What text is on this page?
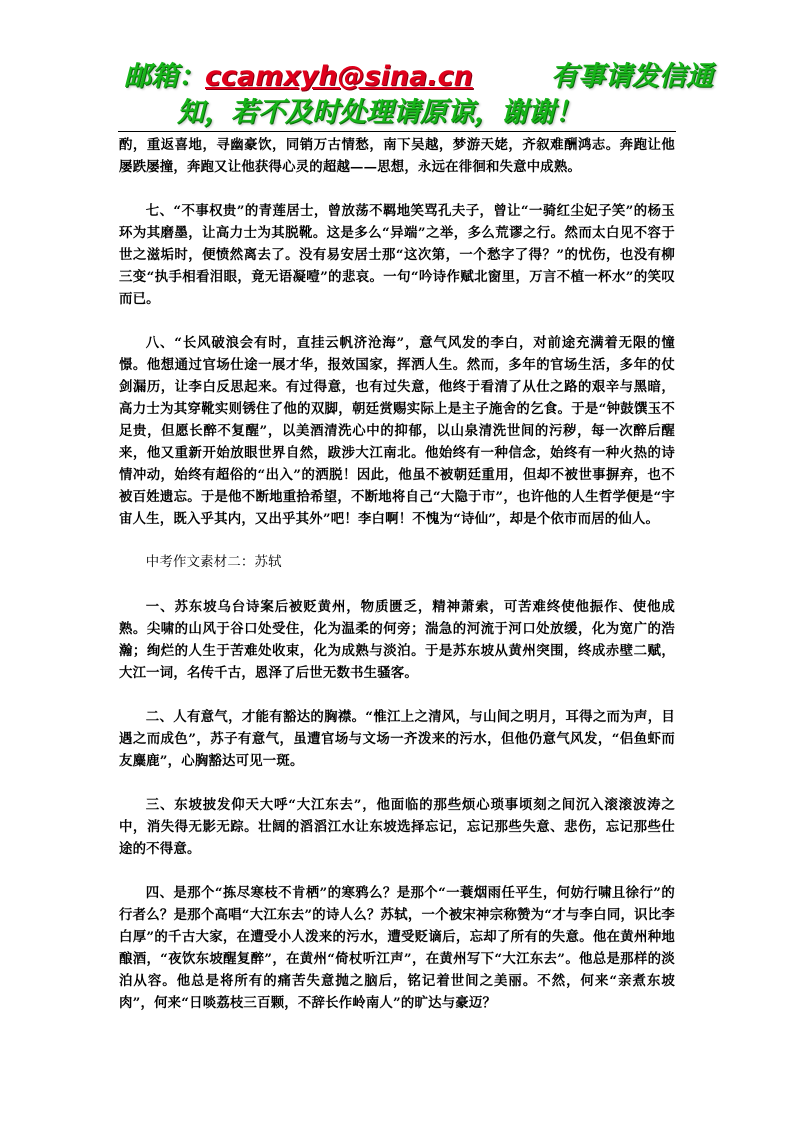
邮箱：ccamxyh@sina.cn	有事请发信通
知，若不及时处理请原谅，谢谢！

酌，重返喜地，寻幽豪饮，同销万古情愁，南下吴越，梦游天姥，齐叙难酬鸿志。奔跑让他屡跌屡撞，奔跑又让他获得心灵的超越——思想，永远在徘徊和失意中成熟。

七、“不事权贵”的青莲居士，曾放荡不羁地笑骂孔夫子，曾让“一骑红尘妃子笑”的杨玉环为其磨墨，让高力士为其脱靴。这是多么“异端”之举，多么荒谬之行。然而太白见不容于世之滋垢时，便愤然离去了。没有易安居士那“这次第，一个愁字了得？”的忧伤，也没有柳三变“执手相看泪眼，竟无语凝噎”的悲哀。一句“吟诗作赋北窗里，万言不植一杯水”的笑叹而已。

八、“长风破浪会有时，直挂云帆济沧海”，意气风发的李白，对前途充满着无限的憧憬。他想通过官场仕途一展才华，报效国家，挥洒人生。然而，多年的官场生活，多年的仗剑漏历，让李白反思起来。有过得意，也有过失意，他终于看清了从仕之路的艰辛与黑暗，高力士为其穿靴实则锈住了他的双脚，朝廷赏赐实际上是主子施舍的乞食。于是“钟鼓馔玉不足贵，但愿长醉不复醒”，以美酒清洗心中的抑郁，以山泉清洗世间的污秽，每一次醉后醒来，他又重新开始放眼世界自然，跋涉大江南北。他始终有一种信念，始终有一种火热的诗情冲动，始终有超俗的“出入”的洒脱！因此，他虽不被朝廷重用，但却不被世事摒弃，也不被百姓遗忘。于是他不断地重拾希望，不断地将自己“大隐于市”，也许他的人生哲学便是“宇宙人生，既入乎其内，又出乎其外”吧！李白啊！不愧为“诗仙”，却是个依市而居的仙人。

中考作文素材二：苏轼

一、苏东坡乌台诗案后被贬黄州，物质匮乏，精神萧索，可苦难终使他振作、使他成熟。尖啸的山风于谷口处受住，化为温柔的何旁；湍急的河流于河口处放缓，化为宽广的浩瀚；绚烂的人生于苦难处收束，化为成熟与淡泊。于是苏东坡从黄州突围，终成赤壁二赋，大江一词，名传千古，恩泽了后世无数书生骚客。

二、人有意气，才能有豁达的胸襟。“惟江上之清风，与山间之明月，耳得之而为声，目遇之而成色”，苏子有意气，虽遭官场与文场一齐泼来的污水，但他仍意气风发，“侣鱼虾而友麋鹿”，心胸豁达可见一斑。

三、东坡披发仰天大呼“大江东去”，他面临的那些烦心琐事顷刻之间沉入滚滚波涛之中，消失得无影无踪。壮阔的滔滔江水让东坡选择忘记，忘记那些失意、悲伤，忘记那些仕途的不得意。

四、是那个“拣尽寒枝不肯栖”的寒鸦么？是那个“一蓑烟雨任平生，何妨行啸且徐行”的行者么？是那个高唱“大江东去”的诗人么？苏轼，一个被宋神宗称赞为“才与李白同，识比李白厚”的千古大家，在遭受小人泼来的污水，遭受贬谪后，忘却了所有的失意。他在黄州种地酿酒，“夜饮东坡醒复醉”，在黄州“倚杖听江声”，在黄州写下“大江东去”。他总是那样的淡泊从容。他总是将所有的痛苦失意抛之脑后，铭记着世间之美丽。不然，何来“亲煮东坡肉”，何来“日啖荔枝三百颗，不辞长作岭南人”的旷达与豪迈？
